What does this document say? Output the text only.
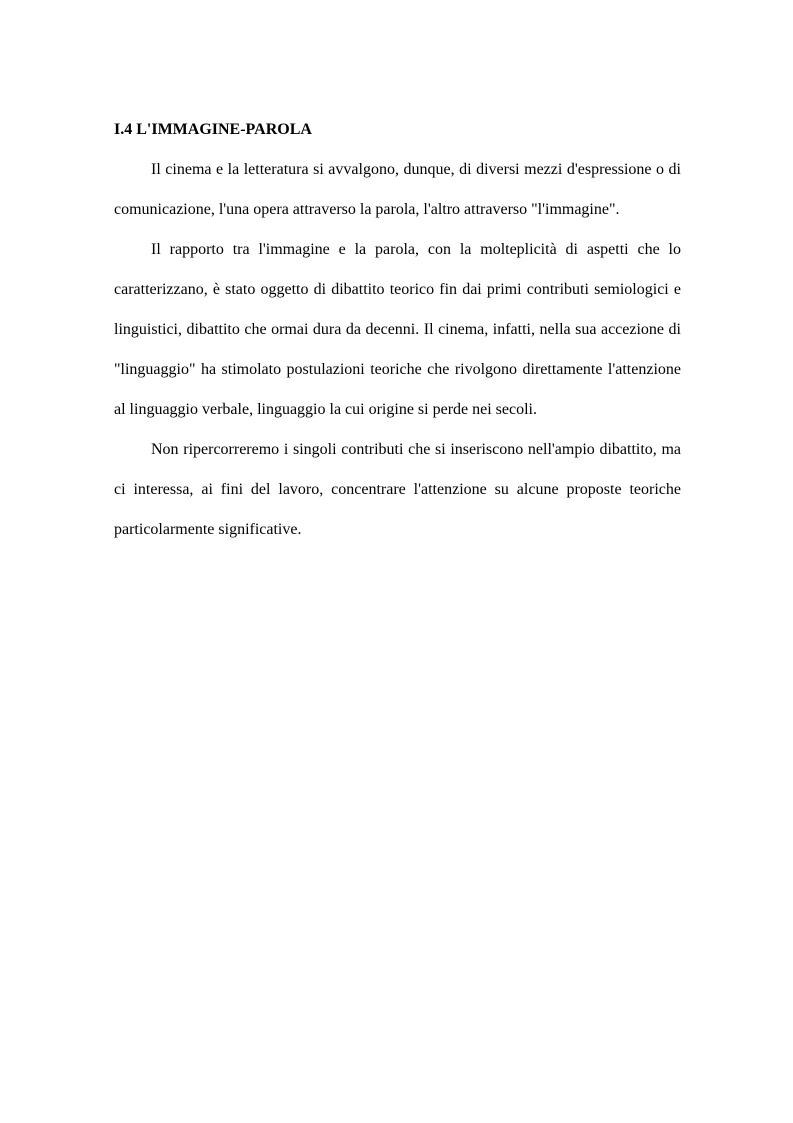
I.4 L'IMMAGINE-PAROLA

Il cinema e la letteratura si avvalgono, dunque, di diversi mezzi d'espressione o di comunicazione, l'una opera attraverso la parola, l'altro attraverso "l'immagine".

Il rapporto tra l'immagine e la parola, con la molteplicità di aspetti che lo caratterizzano, è stato oggetto di dibattito teorico fin dai primi contributi semiologici e linguistici, dibattito che ormai dura da decenni. Il cinema, infatti, nella sua accezione di "linguaggio" ha stimolato postulazioni teoriche che rivolgono direttamente l'attenzione al linguaggio verbale, linguaggio la cui origine si perde nei secoli.

Non ripercorreremo i singoli contributi che si inseriscono nell'ampio dibattito, ma ci interessa, ai fini del lavoro, concentrare l'attenzione su alcune proposte teoriche particolarmente significative.
